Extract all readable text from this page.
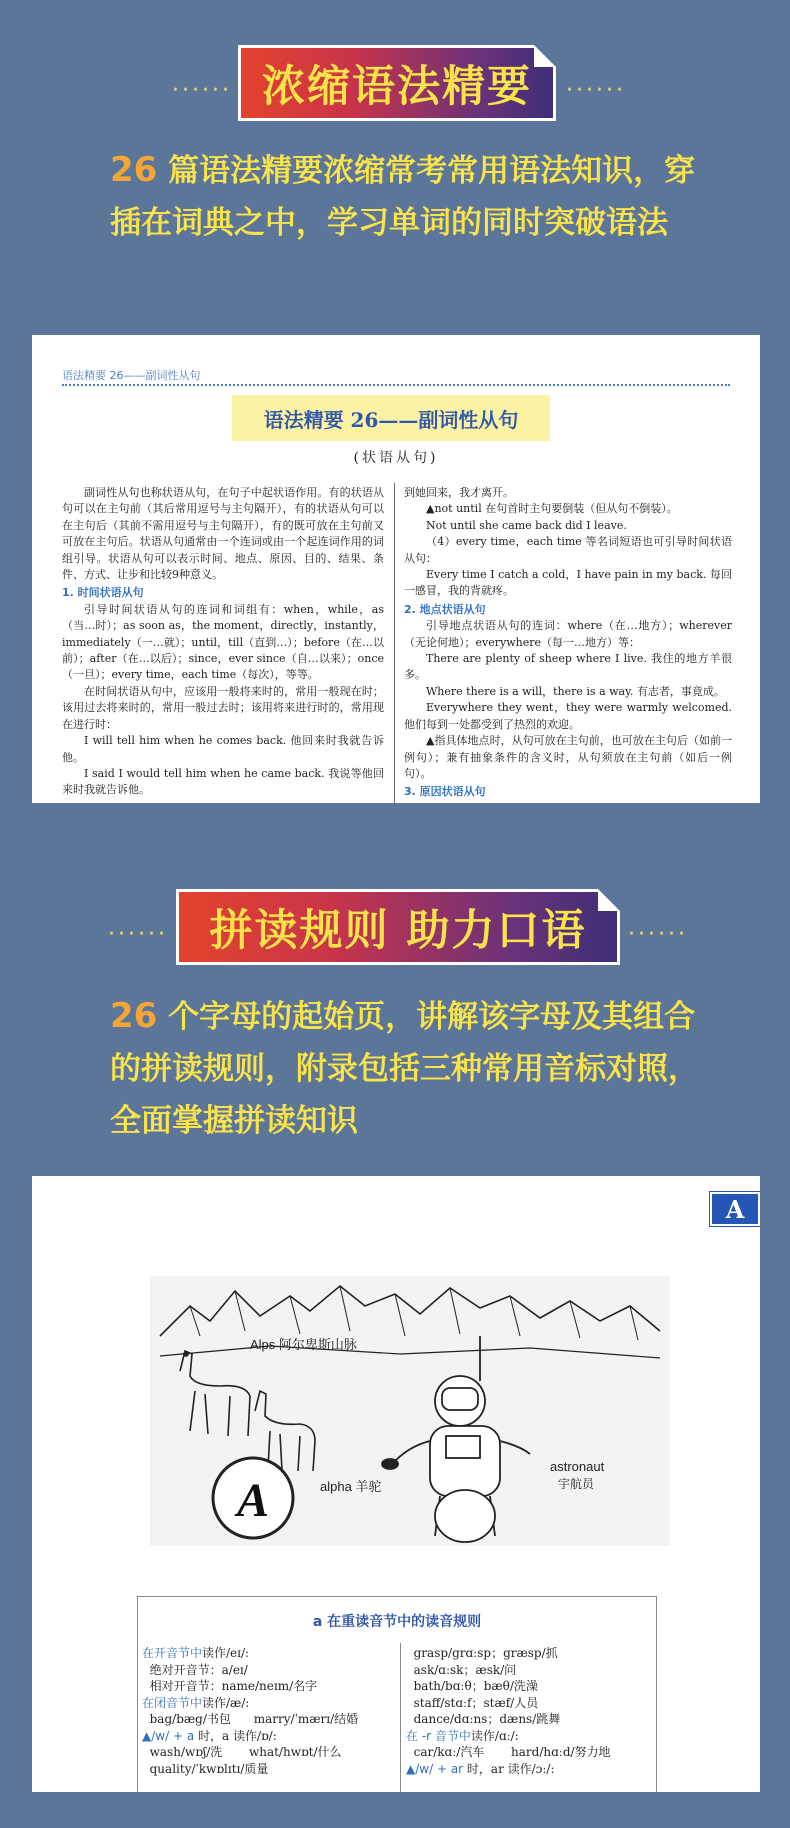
······ 浓缩语法精要 ······
26 篇语法精要浓缩常考常用语法知识，穿插在词典之中，学习单词的同时突破语法
语法精要 26——副词性从句
语法精要 26——副词性从句
(状语从句)

副词性从句也称状语从句，在句子中起状语作用。有的状语从句可以在主句前（其后常用逗号与主句隔开），有的状语从句可以在主句后（其前不需用逗号与主句隔开），有的既可放在主句前又可放在主句后。状语从句通常由一个连词或由一个起连词作用的词组引导。状语从句可以表示时间、地点、原因、目的、结果、条件、方式、让步和比较9种意义。

1. 时间状语从句

引导时间状语从句的连词和词组有：when，while，as（当…时）；as soon as，the moment，directly，instantly，immediately（一…就）；until，till（直到…）；before（在…以前）；after（在…以后）；since，ever since（自…以来）；once（一旦）；every time，each time（每次），等等。

在时间状语从句中，应该用一般将来时的，常用一般现在时；该用过去将来时的，常用一般过去时；该用将来进行时的，常用现在进行时：

I will tell him when he comes back. 他回来时我就告诉他。

I said I would tell him when he came back. 我说等他回来时我就告诉他。

到她回来，我才离开。

▲not until 在句首时主句要倒装（但从句不倒装）。

Not until she came back did I leave.

（4）every time，each time 等名词短语也可引导时间状语从句：

Every time I catch a cold，I have pain in my back. 每回一感冒，我的背就疼。

2. 地点状语从句

引导地点状语从句的连词：where（在…地方）；wherever（无论何地）；everywhere（每一…地方）等：

There are plenty of sheep where I live. 我住的地方羊很多。

Where there is a will，there is a way. 有志者，事竟成。

Everywhere they went，they were warmly welcomed. 他们每到一处都受到了热烈的欢迎。

▲指具体地点时，从句可放在主句前，也可放在主句后（如前一例句）；兼有抽象条件的含义时，从句须放在主句前（如后一例句）。

3. 原因状语从句
······ 拼读规则 助力口语 ······
26 个字母的起始页，讲解该字母及其组合的拼读规则，附录包括三种常用音标对照，全面掌握拼读知识
A
Alps 阿尔卑斯山脉
A	alpha 羊驼
astronaut
宇航员
a 在重读音节中的读音规则
在开音节中读作/eɪ/:
绝对开音节：a/eɪ/
相对开音节：name/neɪm/名字
在闭音节中读作/æ/:
bag/bæg/书包      marry/ˈmærɪ/结婚
▲/w/ + a 时，a 读作/ɒ/:
wash/wɒʃ/洗       what/hwɒt/什么
quality/ˈkwɒlɪtɪ/质量
grasp/grɑːsp；græsp/抓
ask/ɑːsk；æsk/问
bath/bɑːθ；bæθ/洗澡
staff/stɑːf；stæf/人员
dance/dɑːns；dæns/跳舞
在 -r 音节中读作/ɑː/:
car/kɑː/汽车       hard/hɑːd/努力地
▲/w/ + ar 时，ar 读作/ɔː/:
